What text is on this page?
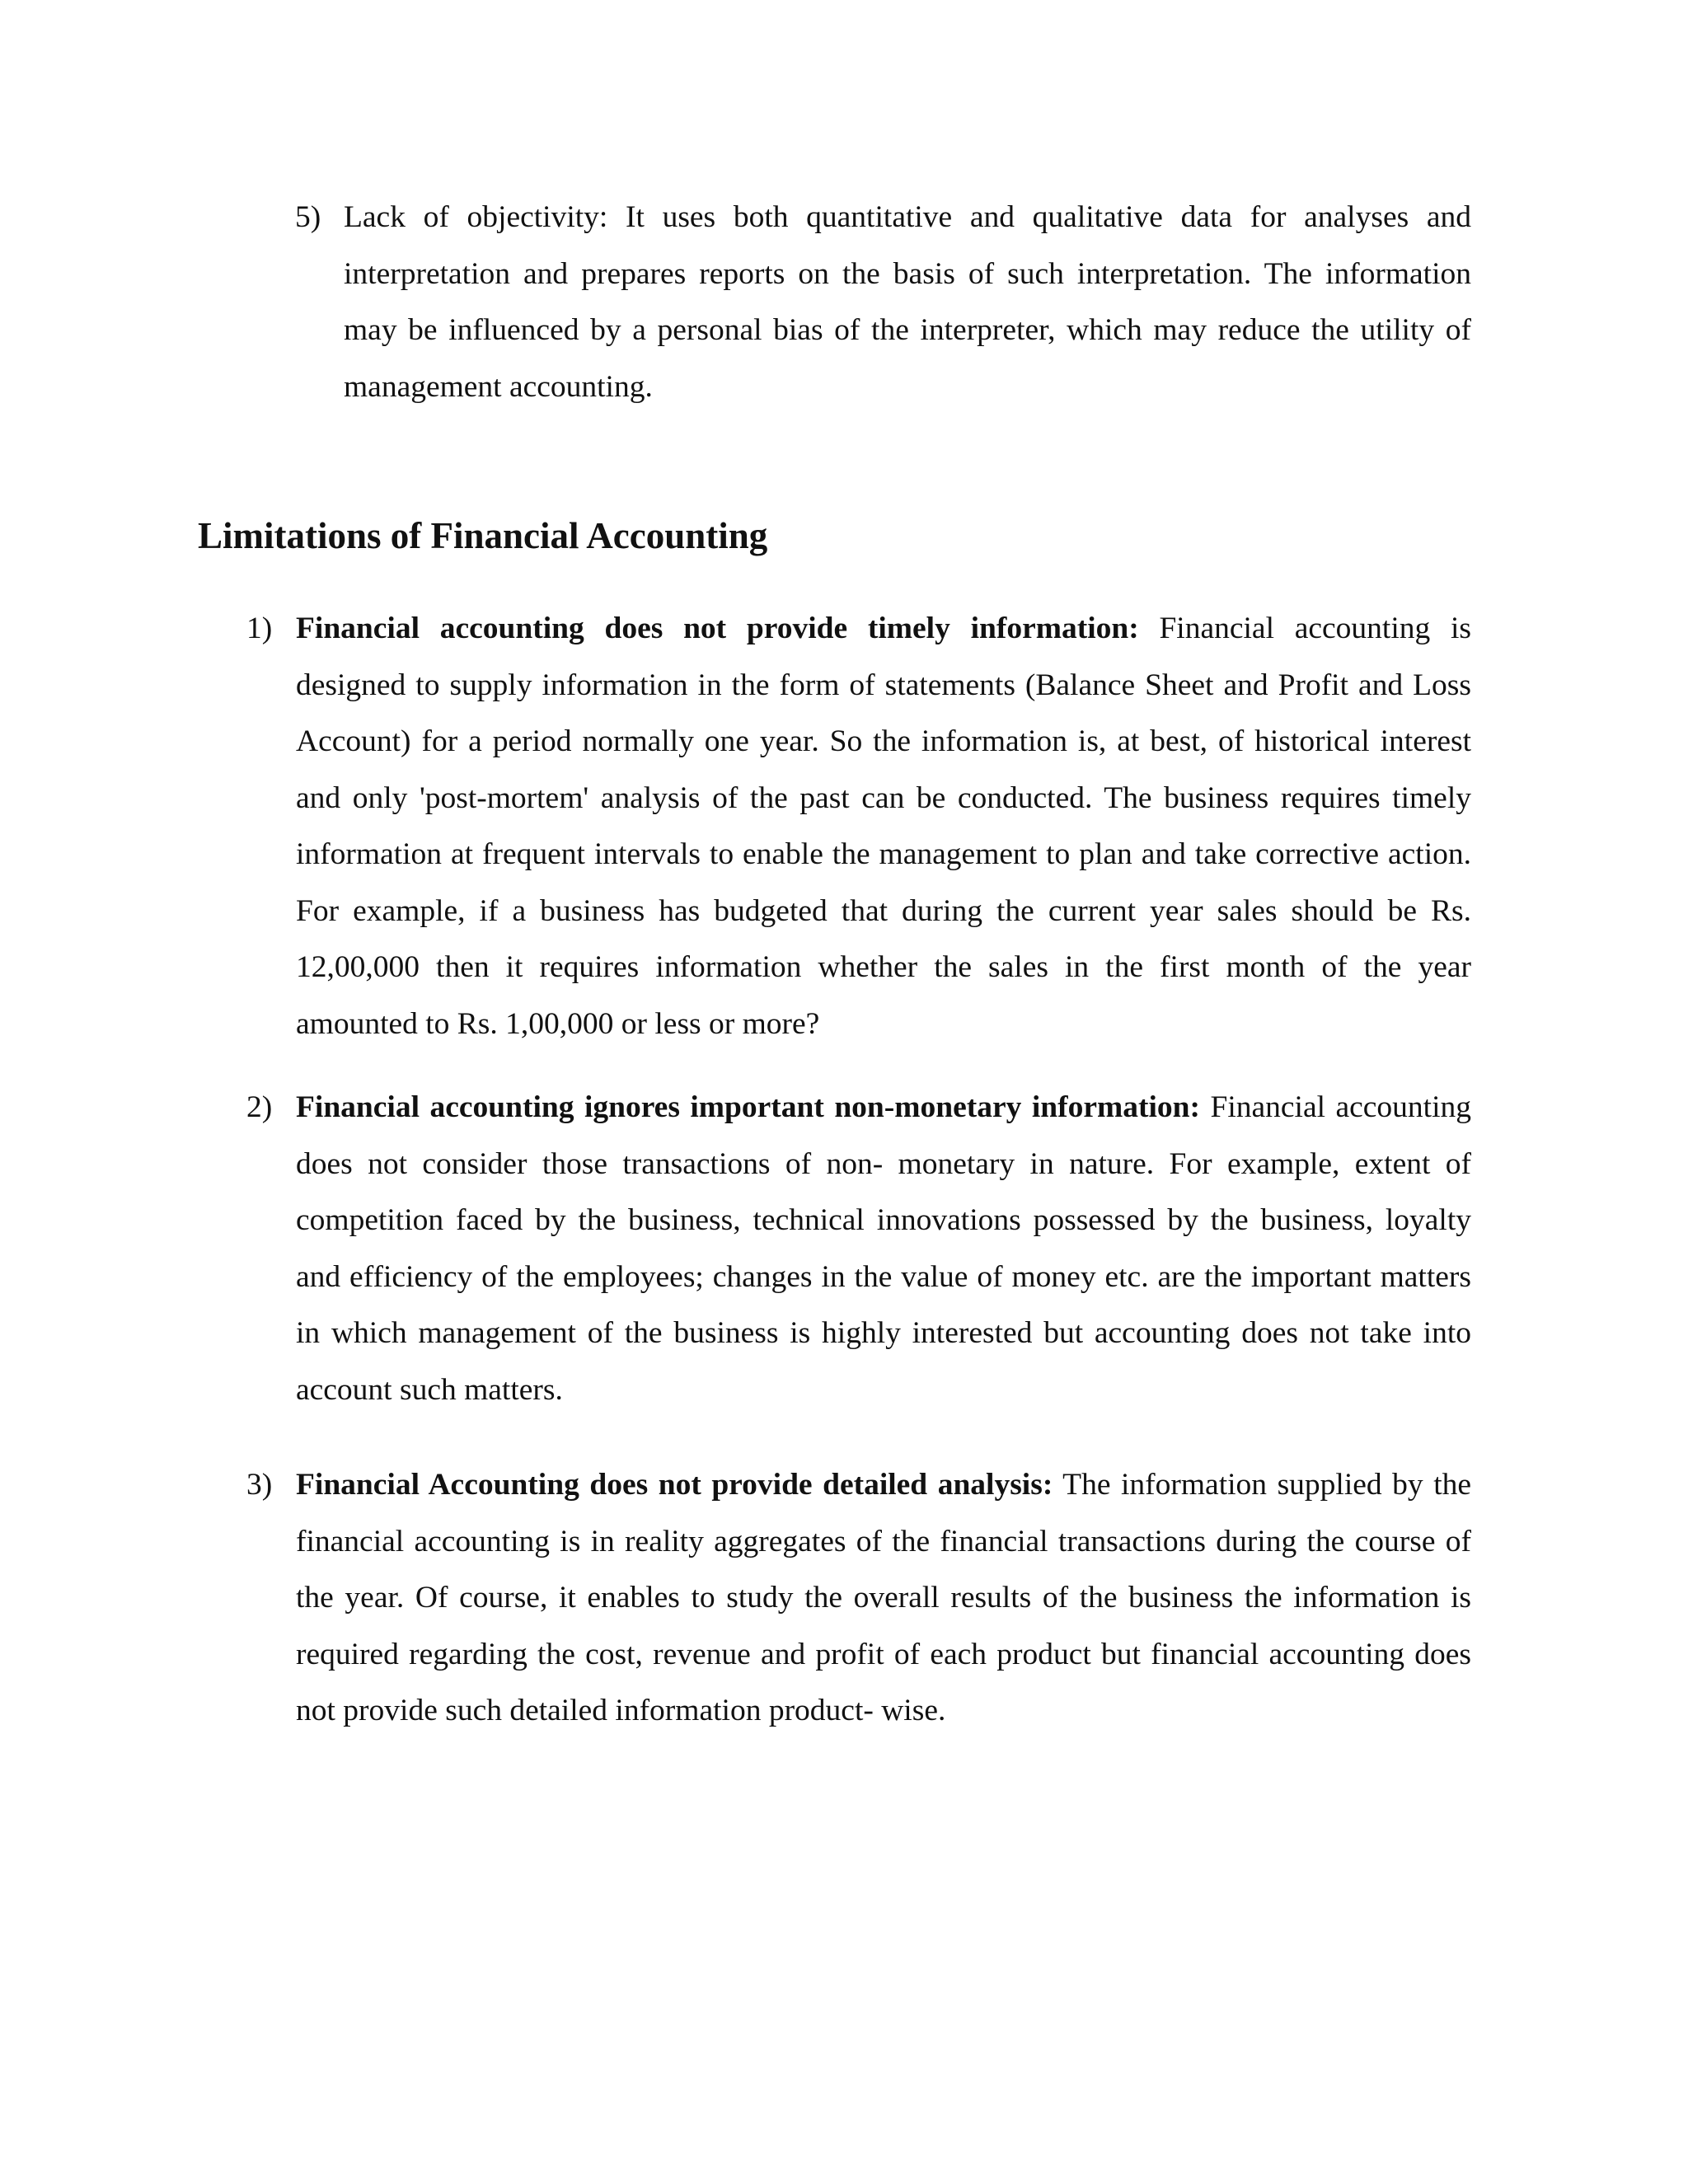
5) Lack of objectivity: It uses both quantitative and qualitative data for analyses and interpretation and prepares reports on the basis of such interpretation. The information may be influenced by a personal bias of the interpreter, which may reduce the utility of management accounting.
Limitations of Financial Accounting
1) Financial accounting does not provide timely information: Financial accounting is designed to supply information in the form of statements (Balance Sheet and Profit and Loss Account) for a period normally one year. So the information is, at best, of historical interest and only 'post-mortem' analysis of the past can be conducted. The business requires timely information at frequent intervals to enable the management to plan and take corrective action. For example, if a business has budgeted that during the current year sales should be Rs. 12,00,000 then it requires information whether the sales in the first month of the year amounted to Rs. 1,00,000 or less or more?
2) Financial accounting ignores important non-monetary information: Financial accounting does not consider those transactions of non- monetary in nature. For example, extent of competition faced by the business, technical innovations possessed by the business, loyalty and efficiency of the employees; changes in the value of money etc. are the important matters in which management of the business is highly interested but accounting does not take into account such matters.
3) Financial Accounting does not provide detailed analysis: The information supplied by the financial accounting is in reality aggregates of the financial transactions during the course of the year. Of course, it enables to study the overall results of the business the information is required regarding the cost, revenue and profit of each product but financial accounting does not provide such detailed information product- wise.
